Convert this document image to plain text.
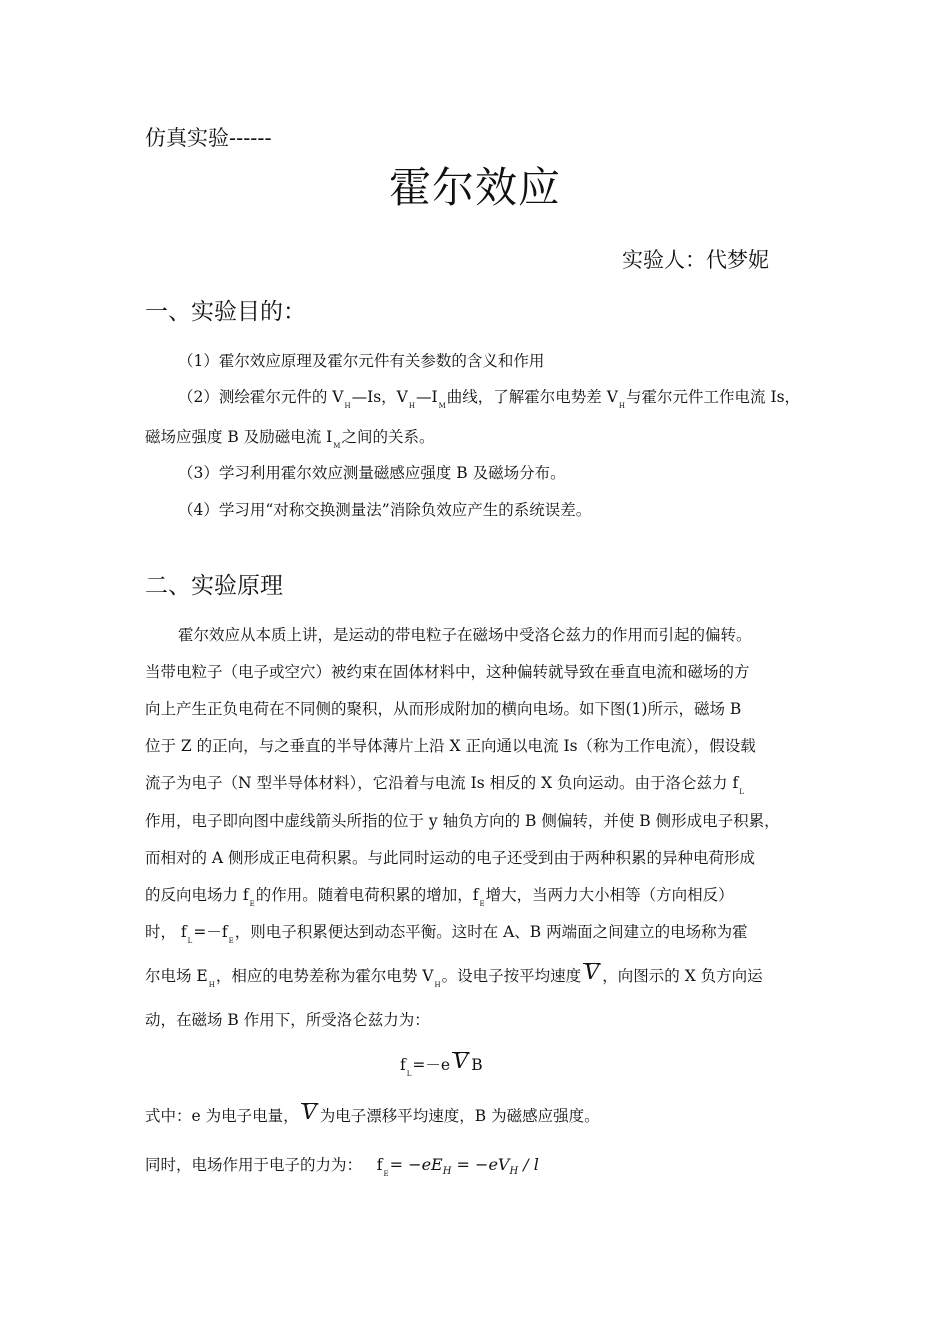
仿真实验------
霍尔效应
实验人：代梦妮
一、实验目的：
（1）霍尔效应原理及霍尔元件有关参数的含义和作用
（2）测绘霍尔元件的 $V_H—Is$，$V_H—I_M$曲线，了解霍尔电势差 $V_H$与霍尔元件工作电流 Is，
磁场应强度 B 及励磁电流 $I_M$之间的关系。
（3）学习利用霍尔效应测量磁感应强度 B 及磁场分布。
（4）学习用“对称交换测量法”消除负效应产生的系统误差。
二、实验原理
霍尔效应从本质上讲，是运动的带电粒子在磁场中受洛仑兹力的作用而引起的偏转。
当带电粒子（电子或空穴）被约束在固体材料中，这种偏转就导致在垂直电流和磁场的方
向上产生正负电荷在不同侧的聚积，从而形成附加的横向电场。如下图(1)所示，磁场 B
位于 Z 的正向，与之垂直的半导体薄片上沿 X 正向通以电流 Is（称为工作电流），假设载
流子为电子（N 型半导体材料），它沿着与电流 Is 相反的 X 负向运动。由于洛仑兹力 $f_L$
作用，电子即向图中虚线箭头所指的位于 y 轴负方向的 B 侧偏转，并使 B 侧形成电子积累，
而相对的 A 侧形成正电荷积累。与此同时运动的电子还受到由于两种积累的异种电荷形成
的反向电场力 $f_E$的作用。随着电荷积累的增加，$f_E$增大，当两力大小相等（方向相反）
时， $f_L=-f_E$，则电子积累便达到动态平衡。这时在 A、B 两端面之间建立的电场称为霍
尔电场 $E_H$，相应的电势差称为霍尔电势 $V_H$。设电子按平均速度 V ，向图示的 X 负方向运
动，在磁场 B 作用下，所受洛仑兹力为：
$f_L=-e$ V B
式中：e 为电子电量， V 为电子漂移平均速度，B 为磁感应强度。
同时，电场作用于电子的力为： $f_E= -eE_H = -eV_H / l$
